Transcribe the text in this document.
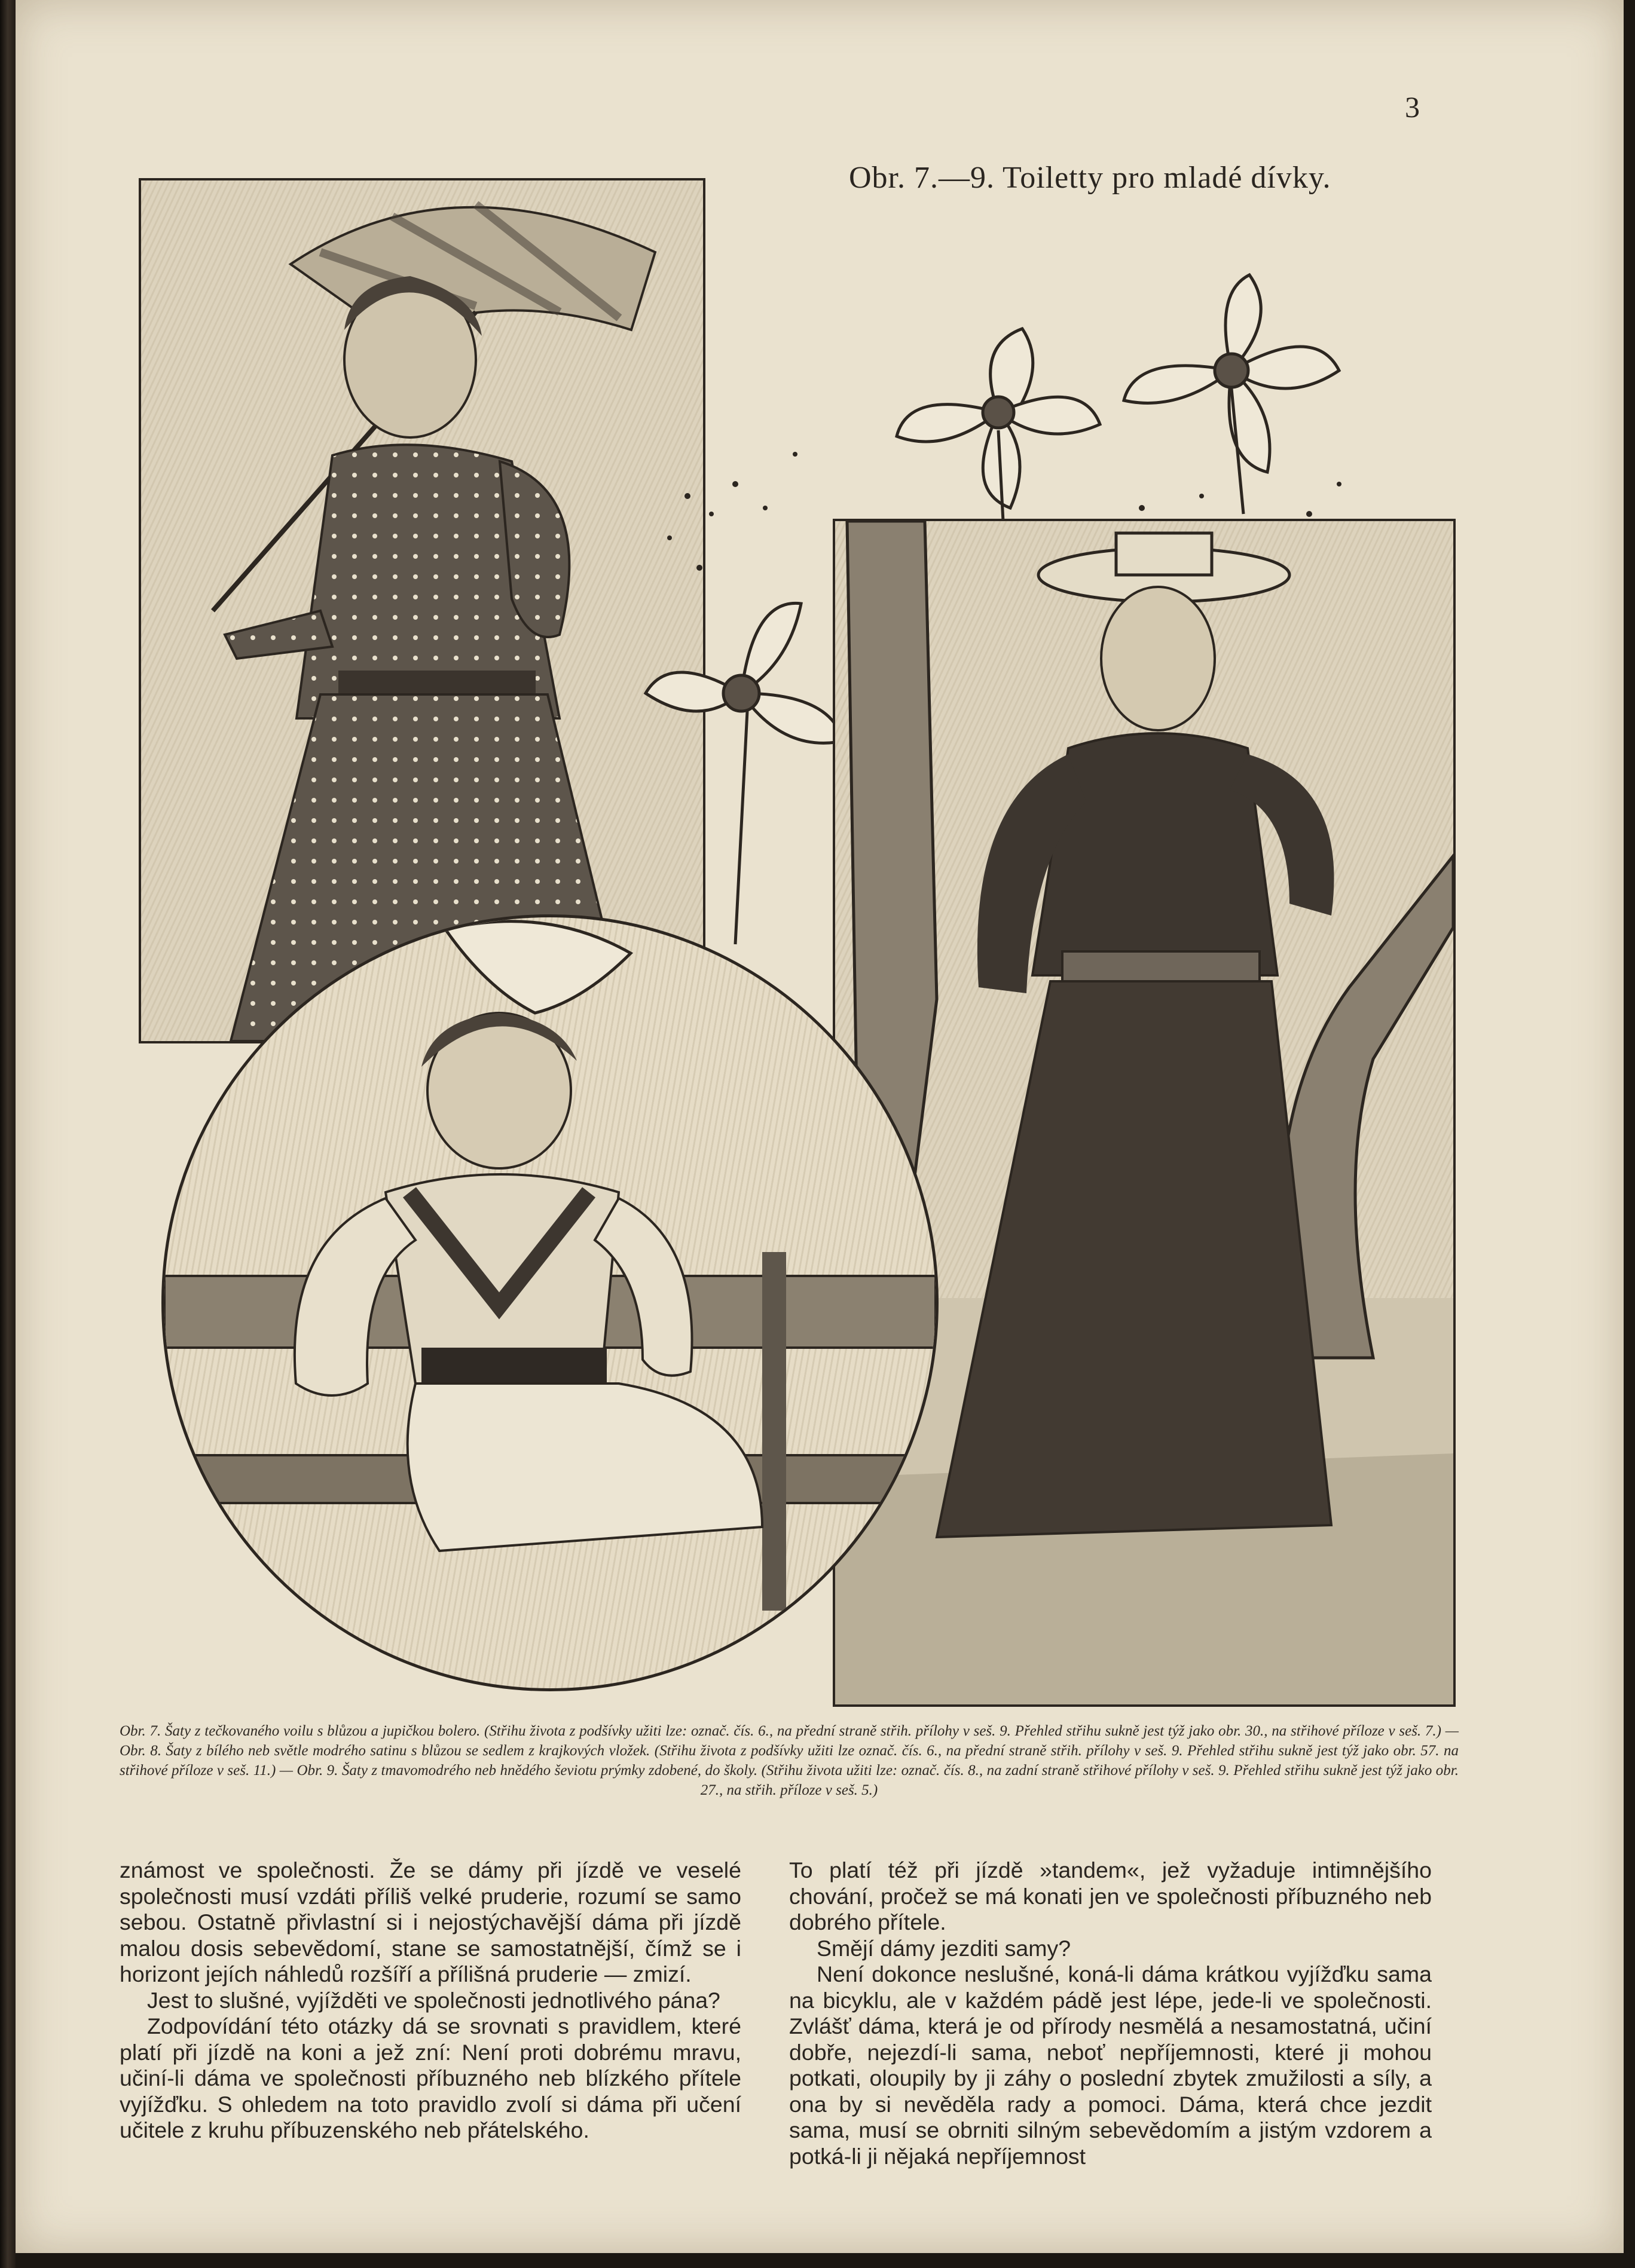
3
Obr. 7.—9. Toiletty pro mladé dívky.
Obr. 7. Šaty z tečkovaného voilu s blůzou a jupičkou bolero. (Střihu života z podšívky užiti lze: označ. čís. 6., na přední straně střih. přílohy v seš. 9. Přehled střihu sukně jest týž jako obr. 30., na střihové příloze v seš. 7.) — Obr. 8. Šaty z bílého neb světle modrého satinu s blůzou se sedlem z krajkových vložek. (Střihu života z podšívky užiti lze označ. čís. 6., na přední straně střih. přílohy v seš. 9. Přehled střihu sukně jest týž jako obr. 57. na střihové příloze v seš. 11.) — Obr. 9. Šaty z tmavomodrého neb hnědého ševiotu prýmky zdobené, do školy. (Střihu života užiti lze: označ. čís. 8., na zadní straně střihové přílohy v seš. 9. Přehled střihu sukně jest týž jako obr. 27., na střih. příloze v seš. 5.)

známost ve společnosti. Že se dámy při jízdě ve veselé společnosti musí vzdáti příliš velké pruderie, rozumí se samo sebou. Ostatně přivlastní si i nejostýchavější dáma při jízdě malou dosis sebevědomí, stane se samostatnější, čímž se i horizont jejích náhledů rozšíří a přílišná pruderie — zmizí.

Jest to slušné, vyjížděti ve společnosti jednotlivého pána?

Zodpovídání této otázky dá se srovnati s pravidlem, které platí při jízdě na koni a jež zní: Není proti dobrému mravu, učiní-li dáma ve společnosti příbuzného neb blízkého přítele vyjížďku. S ohledem na toto pravidlo zvolí si dáma při učení učitele z kruhu příbuzenského neb přátelského.

To platí též při jízdě »tandem«, jež vyžaduje intimnějšího chování, pročež se má konati jen ve společnosti příbuzného neb dobrého přítele.

Smějí dámy jezditi samy?

Není dokonce neslušné, koná-li dáma krátkou vyjížďku sama na bicyklu, ale v každém pádě jest lépe, jede-li ve společnosti. Zvlášť dáma, která je od přírody nesmělá a nesamostatná, učiní dobře, nejezdí-li sama, neboť nepříjemnosti, které ji mohou potkati, oloupily by ji záhy o poslední zbytek zmužilosti a síly, a ona by si nevěděla rady a pomoci. Dáma, která chce jezdit sama, musí se obrniti silným sebevědomím a jistým vzdorem a potká-li ji nějaká nepříjemnost
